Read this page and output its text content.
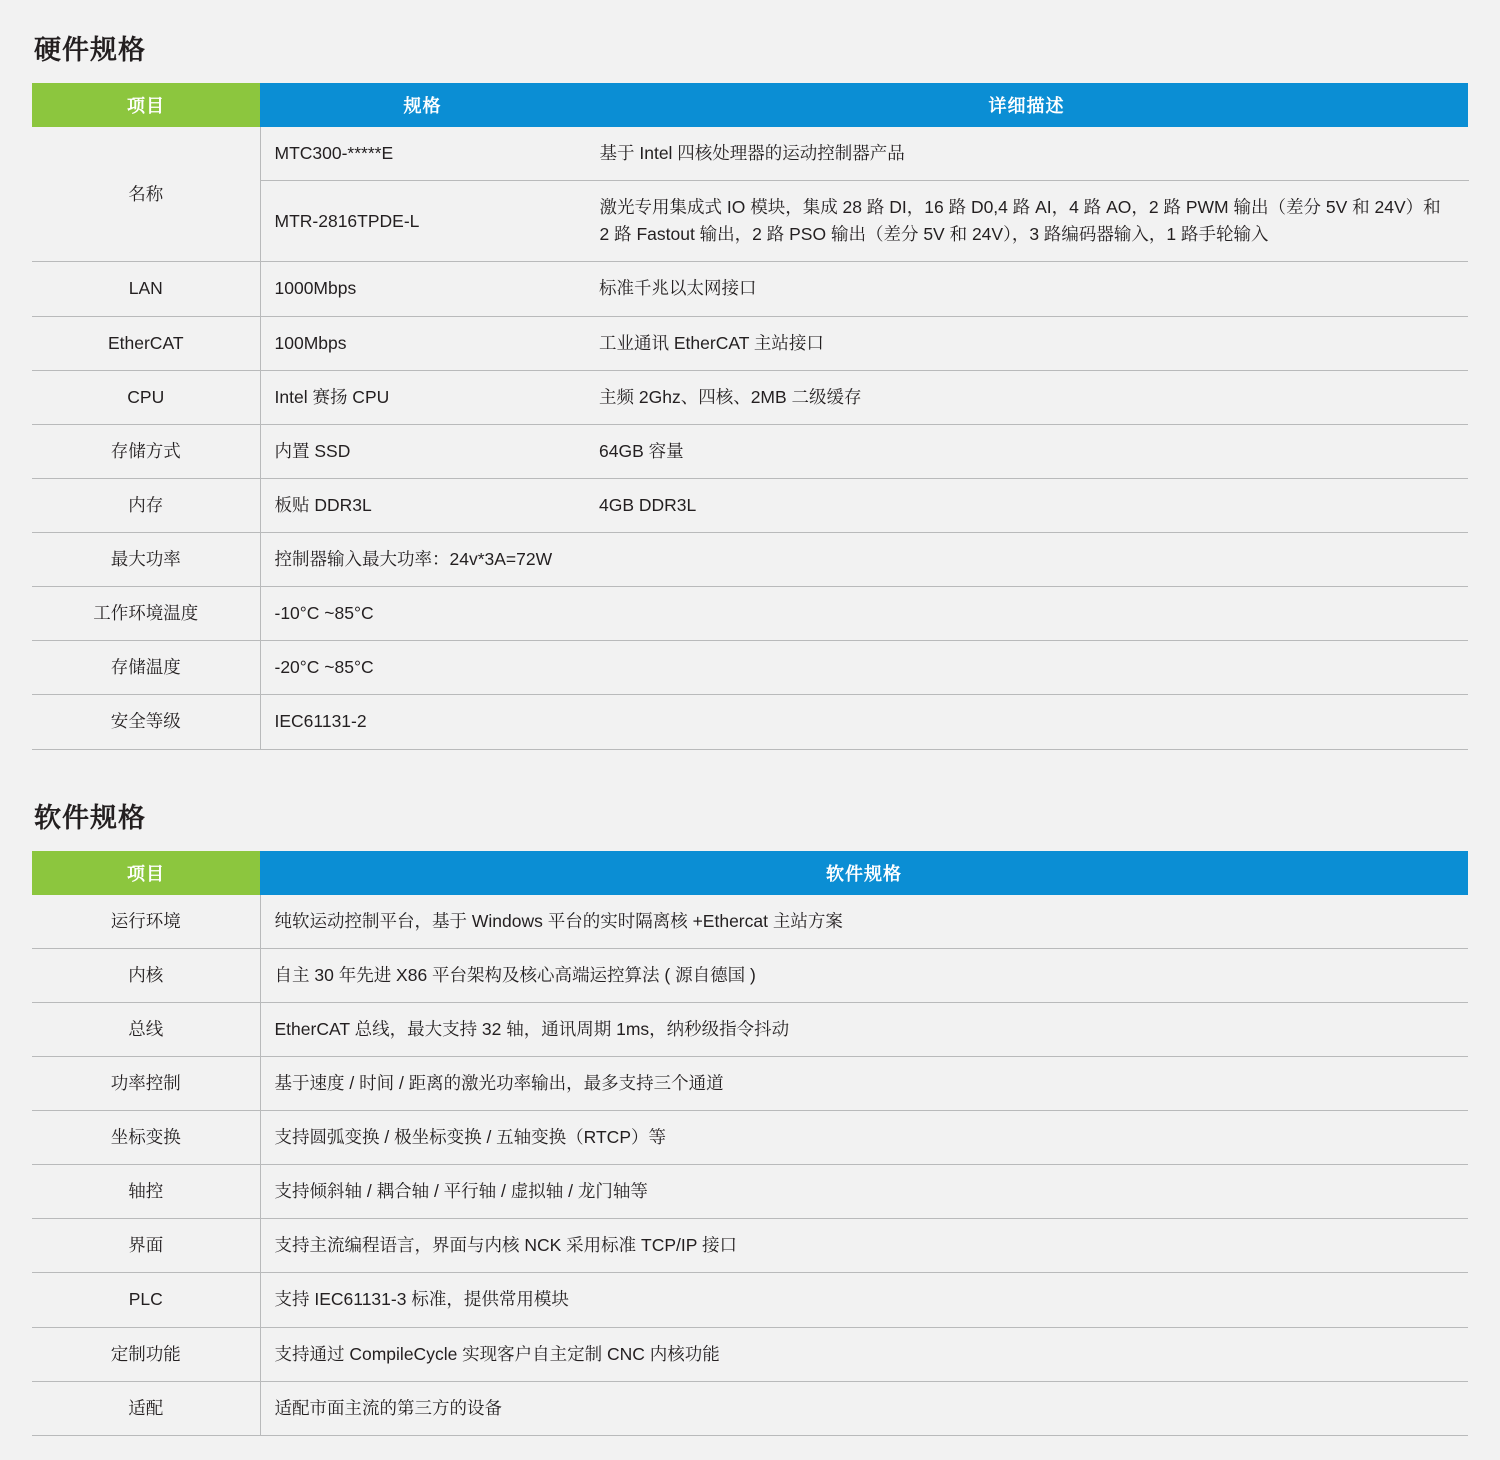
硬件规格
项目	规格	详细描述
名称	
MTC300-*****E	基于 Intel 四核处理器的运动控制器产品
MTR-2816TPDE-L	激光专用集成式 IO 模块，集成 28 路 DI，16 路 D0,4 路 AI，4 路 AO，2 路 PWM 输出（差分 5V 和 24V）和 2 路 Fastout 输出，2 路 PSO 输出（差分 5V 和 24V），3 路编码器输入，1 路手轮输入

LAN	1000Mbps	标准千兆以太网接口
EtherCAT	100Mbps	工业通讯 EtherCAT 主站接口
CPU	Intel 赛扬 CPU	主频 2Ghz、四核、2MB 二级缓存
存储方式	内置 SSD	64GB 容量
内存	板贴 DDR3L	4GB DDR3L
最大功率	控制器输入最大功率：24v*3A=72W
工作环境温度	-10°C ~85°C
存储温度	-20°C ~85°C
安全等级	IEC61131-2
软件规格
项目	软件规格
运行环境	纯软运动控制平台，基于 Windows 平台的实时隔离核 +Ethercat 主站方案
内核	自主 30 年先进 X86 平台架构及核心高端运控算法 ( 源自德国 )
总线	EtherCAT 总线，最大支持 32 轴，通讯周期 1ms，纳秒级指令抖动
功率控制	基于速度 / 时间 / 距离的激光功率输出，最多支持三个通道
坐标变换	支持圆弧变换 / 极坐标变换 / 五轴变换（RTCP）等
轴控	支持倾斜轴 / 耦合轴 / 平行轴 / 虚拟轴 / 龙门轴等
界面	支持主流编程语言，界面与内核 NCK 采用标准 TCP/IP 接口
PLC	支持 IEC61131-3 标准，提供常用模块
定制功能	支持通过 CompileCycle 实现客户自主定制 CNC 内核功能
适配	适配市面主流的第三方的设备
